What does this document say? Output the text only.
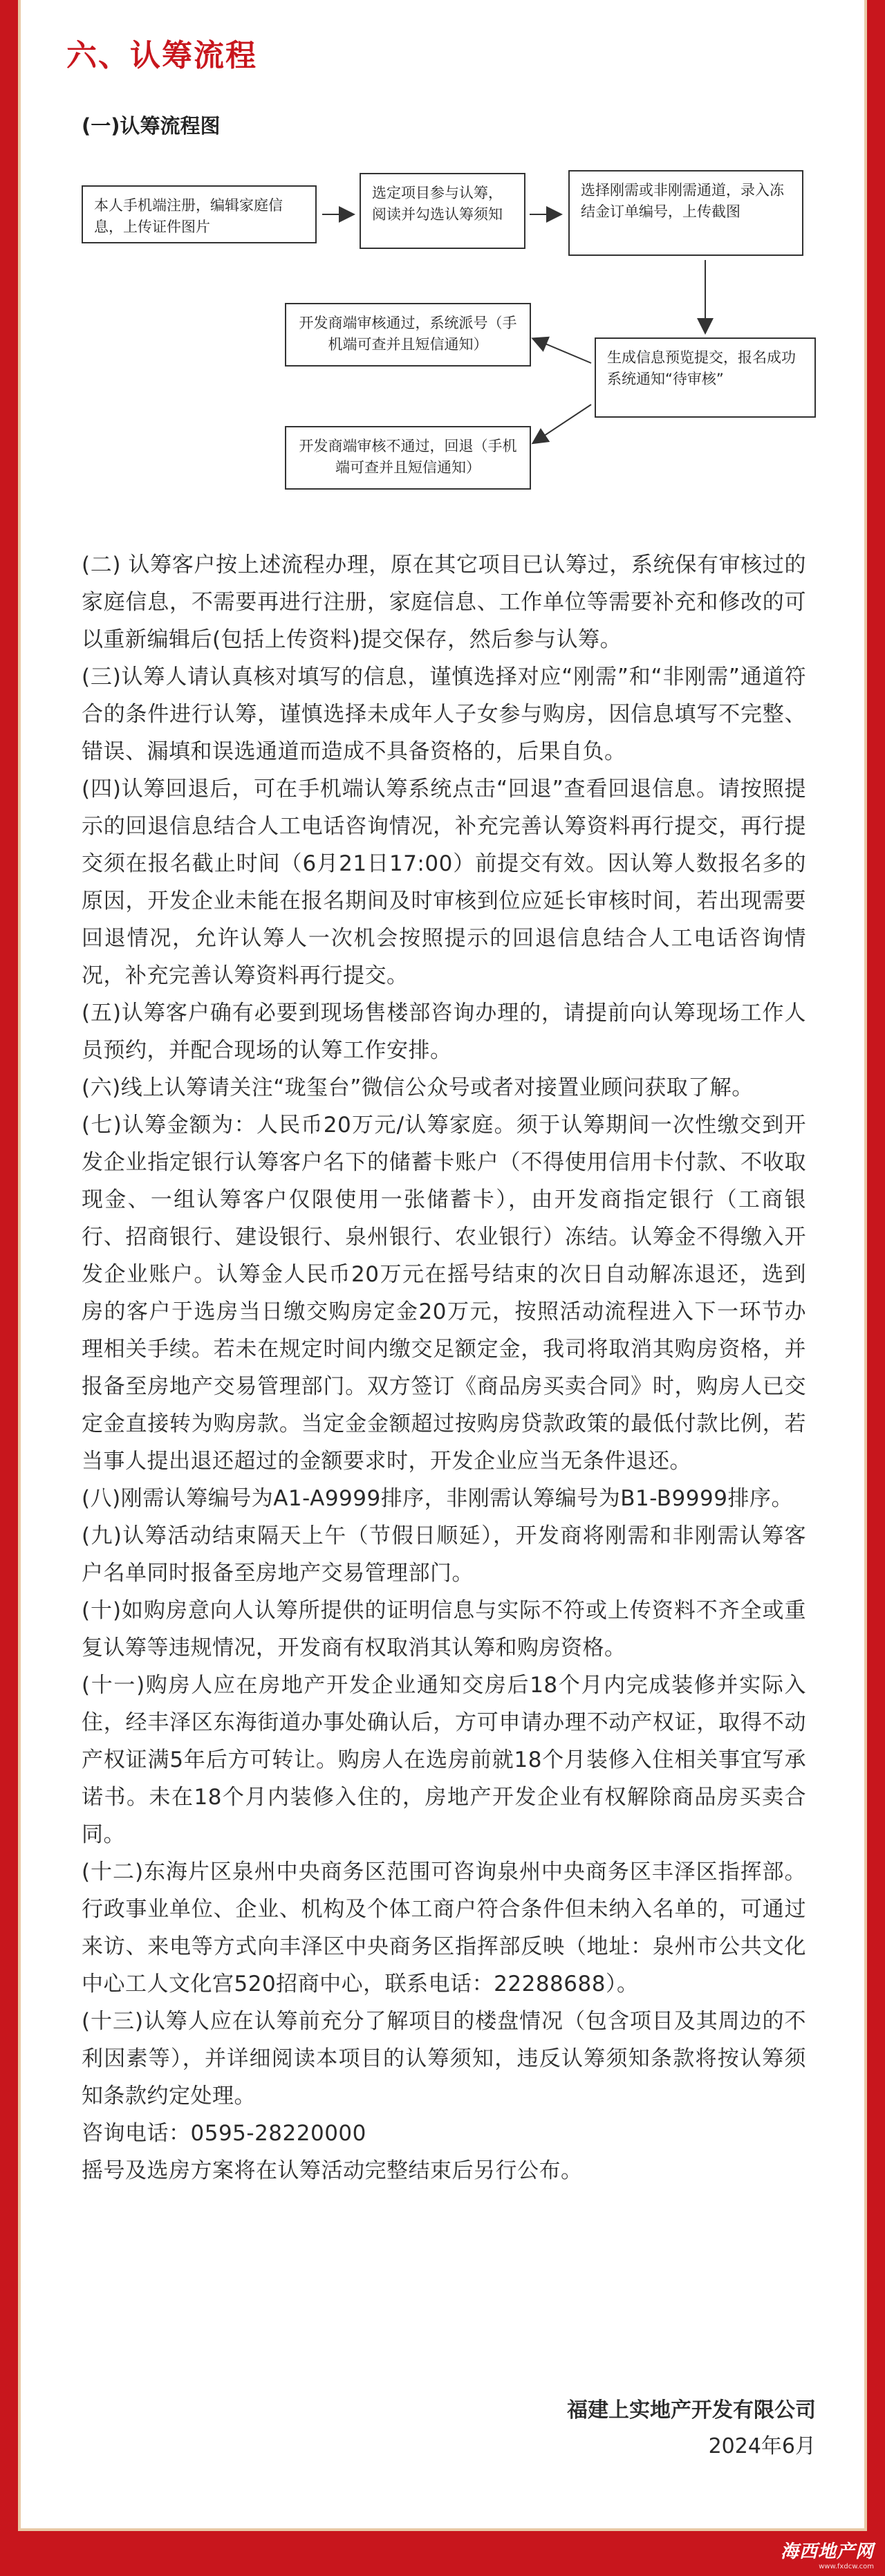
六、认筹流程
(一)认筹流程图
本人手机端注册，编辑家庭信息，上传证件图片
选定项目参与认筹，阅读并勾选认筹须知
选择刚需或非刚需通道，录入冻结金订单编号，上传截图
生成信息预览提交，报名成功系统通知“待审核”
开发商端审核通过，系统派号（手机端可查并且短信通知）
开发商端审核不通过，回退（手机端可查并且短信通知）

(二) 认筹客户按上述流程办理，原在其它项目已认筹过，系统保有审核过的家庭信息，不需要再进行注册，家庭信息、工作单位等需要补充和修改的可以重新编辑后(包括上传资料)提交保存，然后参与认筹。

(三)认筹人请认真核对填写的信息，谨慎选择对应“刚需”和“非刚需”通道符合的条件进行认筹，谨慎选择未成年人子女参与购房，因信息填写不完整、错误、漏填和误选通道而造成不具备资格的，后果自负。

(四)认筹回退后，可在手机端认筹系统点击“回退”查看回退信息。请按照提示的回退信息结合人工电话咨询情况，补充完善认筹资料再行提交，再行提交须在报名截止时间（6月21日17:00）前提交有效。因认筹人数报名多的原因，开发企业未能在报名期间及时审核到位应延长审核时间，若出现需要回退情况，允许认筹人一次机会按照提示的回退信息结合人工电话咨询情况，补充完善认筹资料再行提交。

(五)认筹客户确有必要到现场售楼部咨询办理的，请提前向认筹现场工作人员预约，并配合现场的认筹工作安排。

(六)线上认筹请关注“珑玺台”微信公众号或者对接置业顾问获取了解。

(七)认筹金额为：人民币20万元/认筹家庭。须于认筹期间一次性缴交到开发企业指定银行认筹客户名下的储蓄卡账户（不得使用信用卡付款、不收取现金、一组认筹客户仅限使用一张储蓄卡），由开发商指定银行（工商银行、招商银行、建设银行、泉州银行、农业银行）冻结。认筹金不得缴入开发企业账户。认筹金人民币20万元在摇号结束的次日自动解冻退还，选到房的客户于选房当日缴交购房定金20万元，按照活动流程进入下一环节办理相关手续。若未在规定时间内缴交足额定金，我司将取消其购房资格，并报备至房地产交易管理部门。双方签订《商品房买卖合同》时，购房人已交定金直接转为购房款。当定金金额超过按购房贷款政策的最低付款比例，若当事人提出退还超过的金额要求时，开发企业应当无条件退还。

(八)刚需认筹编号为A1-A9999排序，非刚需认筹编号为B1-B9999排序。

(九)认筹活动结束隔天上午（节假日顺延），开发商将刚需和非刚需认筹客户名单同时报备至房地产交易管理部门。

(十)如购房意向人认筹所提供的证明信息与实际不符或上传资料不齐全或重复认筹等违规情况，开发商有权取消其认筹和购房资格。

(十一)购房人应在房地产开发企业通知交房后18个月内完成装修并实际入住，经丰泽区东海街道办事处确认后，方可申请办理不动产权证，取得不动产权证满5年后方可转让。购房人在选房前就18个月装修入住相关事宜写承诺书。未在18个月内装修入住的，房地产开发企业有权解除商品房买卖合同。

(十二)东海片区泉州中央商务区范围可咨询泉州中央商务区丰泽区指挥部。行政事业单位、企业、机构及个体工商户符合条件但未纳入名单的，可通过来访、来电等方式向丰泽区中央商务区指挥部反映（地址：泉州市公共文化中心工人文化宫520招商中心，联系电话：22288688）。

(十三)认筹人应在认筹前充分了解项目的楼盘情况（包含项目及其周边的不利因素等），并详细阅读本项目的认筹须知，违反认筹须知条款将按认筹须知条款约定处理。

咨询电话：0595-28220000

摇号及选房方案将在认筹活动完整结束后另行公布。

福建上实地产开发有限公司
2024年6月
海西地产网
www.fxdcw.com
